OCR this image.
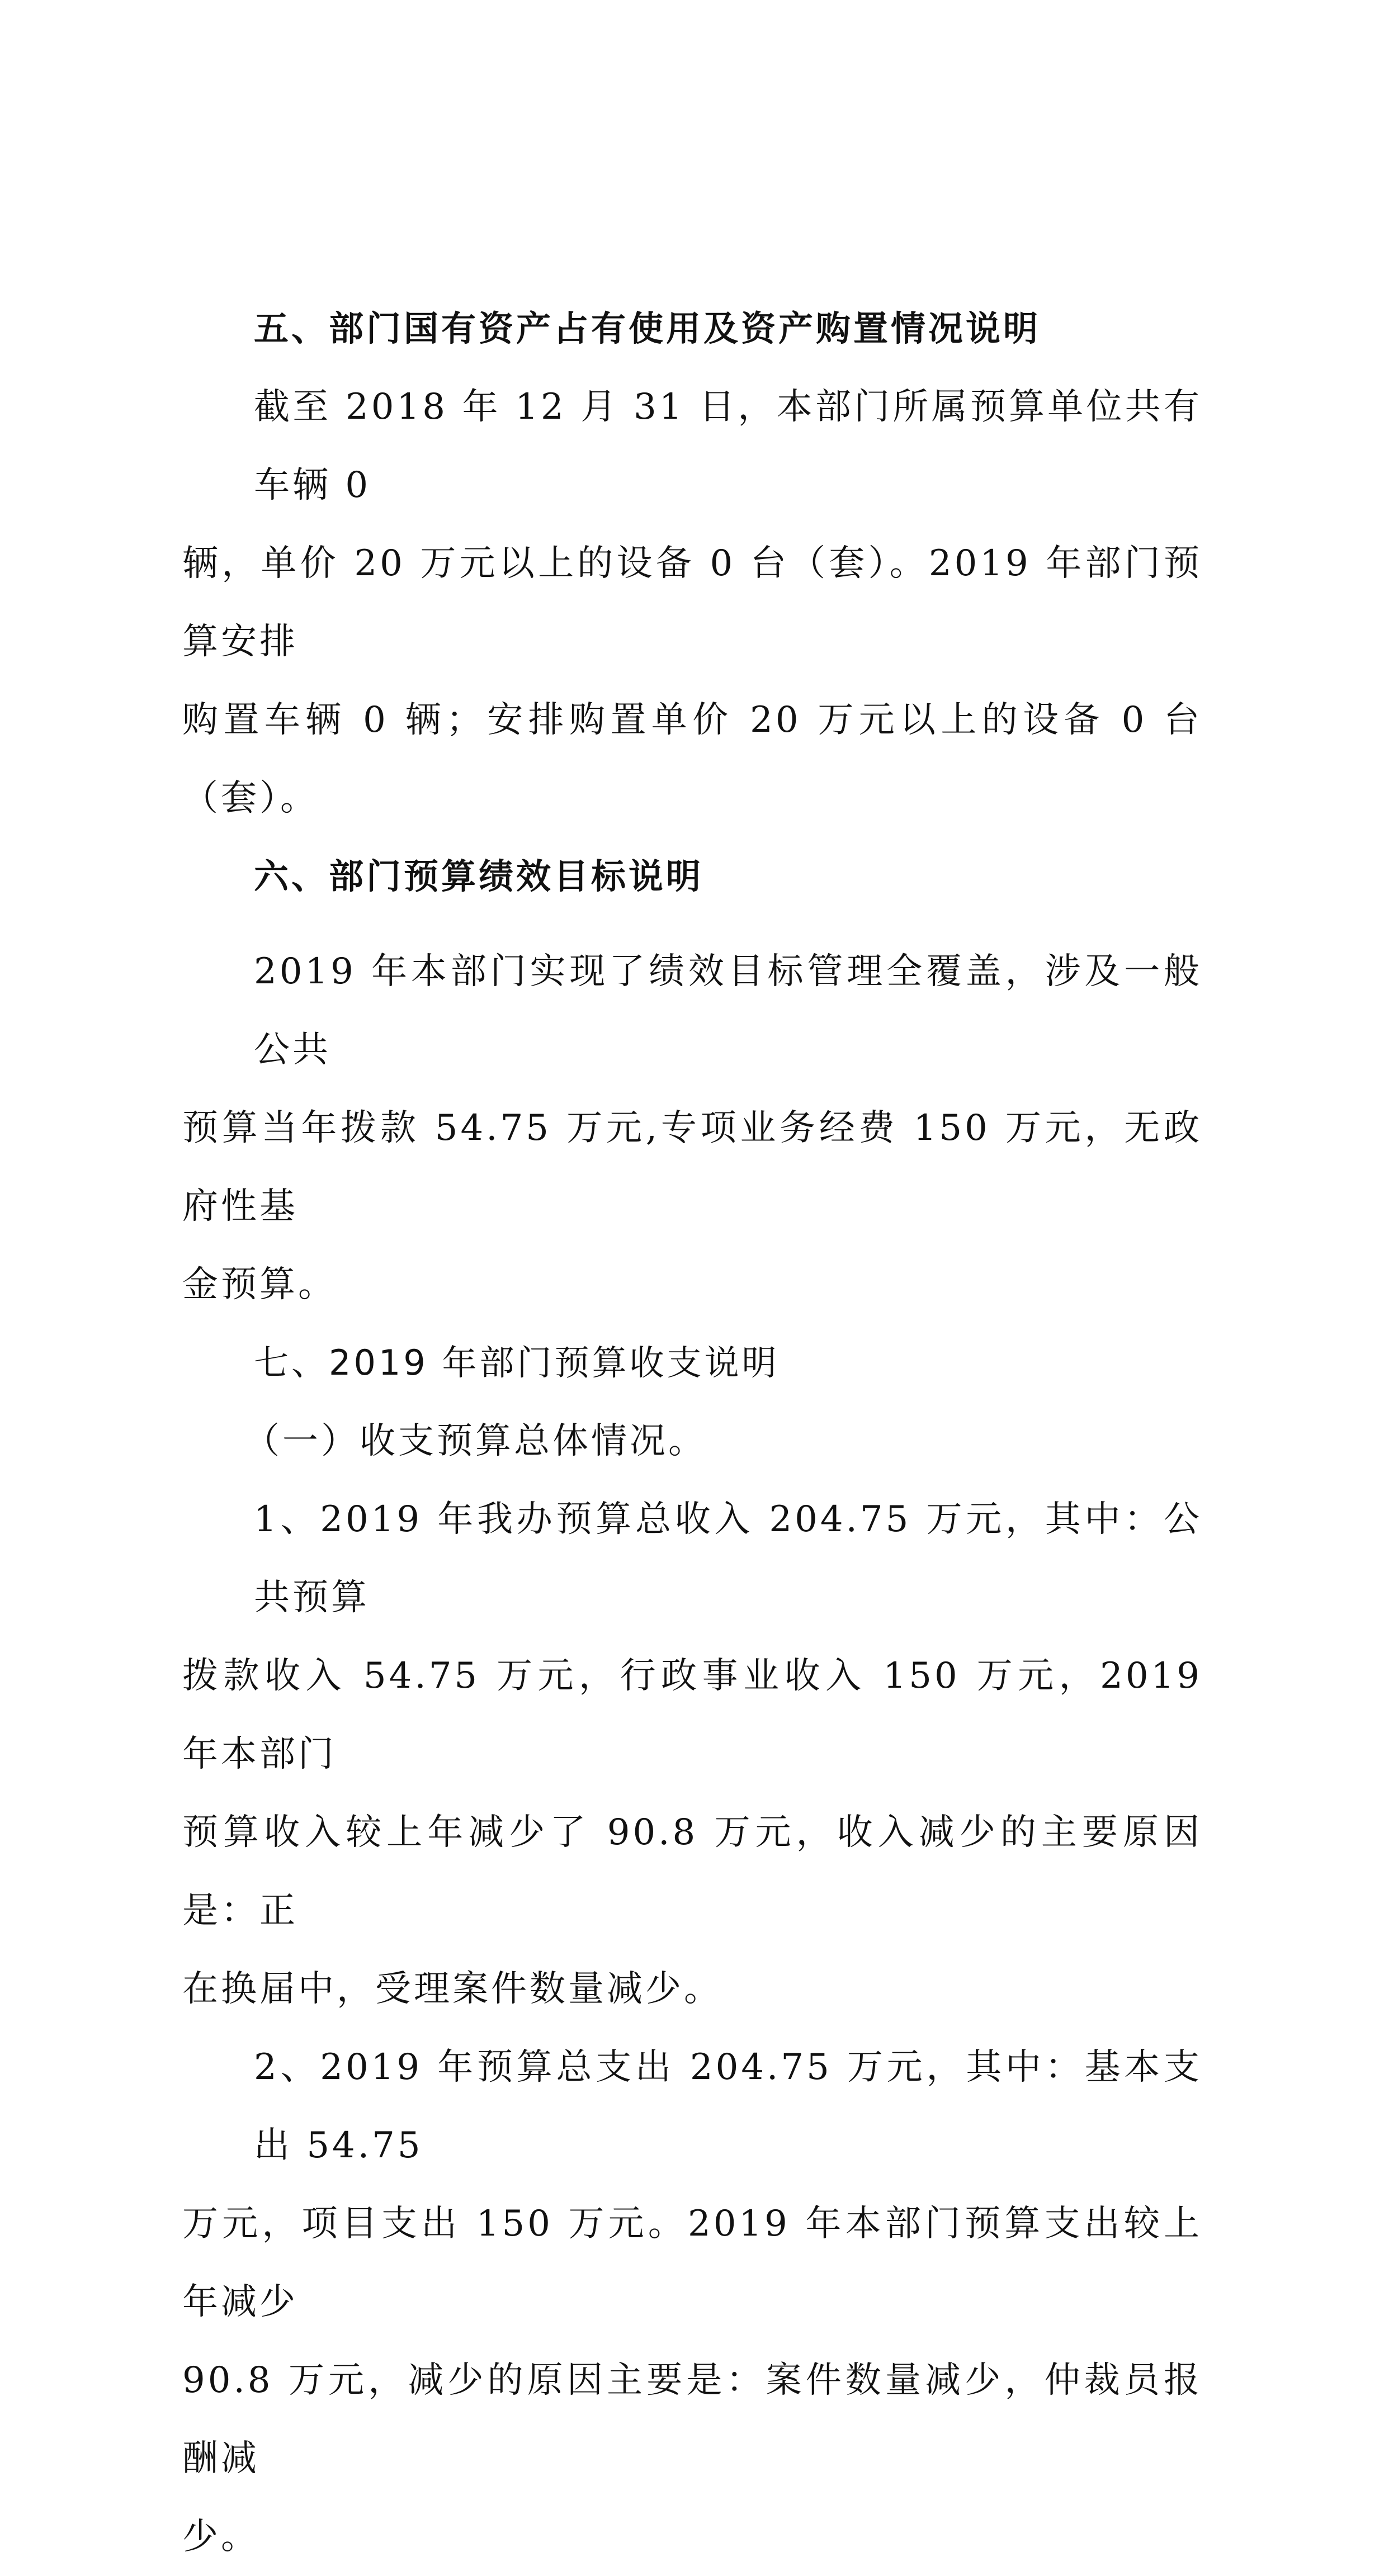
五、部门国有资产占有使用及资产购置情况说明

截至 2018 年 12 月 31 日，本部门所属预算单位共有车辆 0
辆，单价 20 万元以上的设备 0 台（套）。2019 年部门预算安排
购置车辆 0 辆；安排购置单价 20 万元以上的设备 0 台（套）。

六、部门预算绩效目标说明

2019 年本部门实现了绩效目标管理全覆盖，涉及一般公共
预算当年拨款 54.75 万元,专项业务经费 150 万元，无政府性基
金预算。

七、2019 年部门预算收支说明

（一）收支预算总体情况。

1、2019 年我办预算总收入 204.75 万元，其中：公共预算
拨款收入 54.75 万元，行政事业收入 150 万元，2019 年本部门
预算收入较上年减少了 90.8 万元，收入减少的主要原因是：正
在换届中，受理案件数量减少。

2、2019 年预算总支出 204.75 万元，其中：基本支出 54.75
万元，项目支出 150 万元。2019 年本部门预算支出较上年减少
90.8 万元，减少的原因主要是：案件数量减少，仲裁员报酬减
少。
